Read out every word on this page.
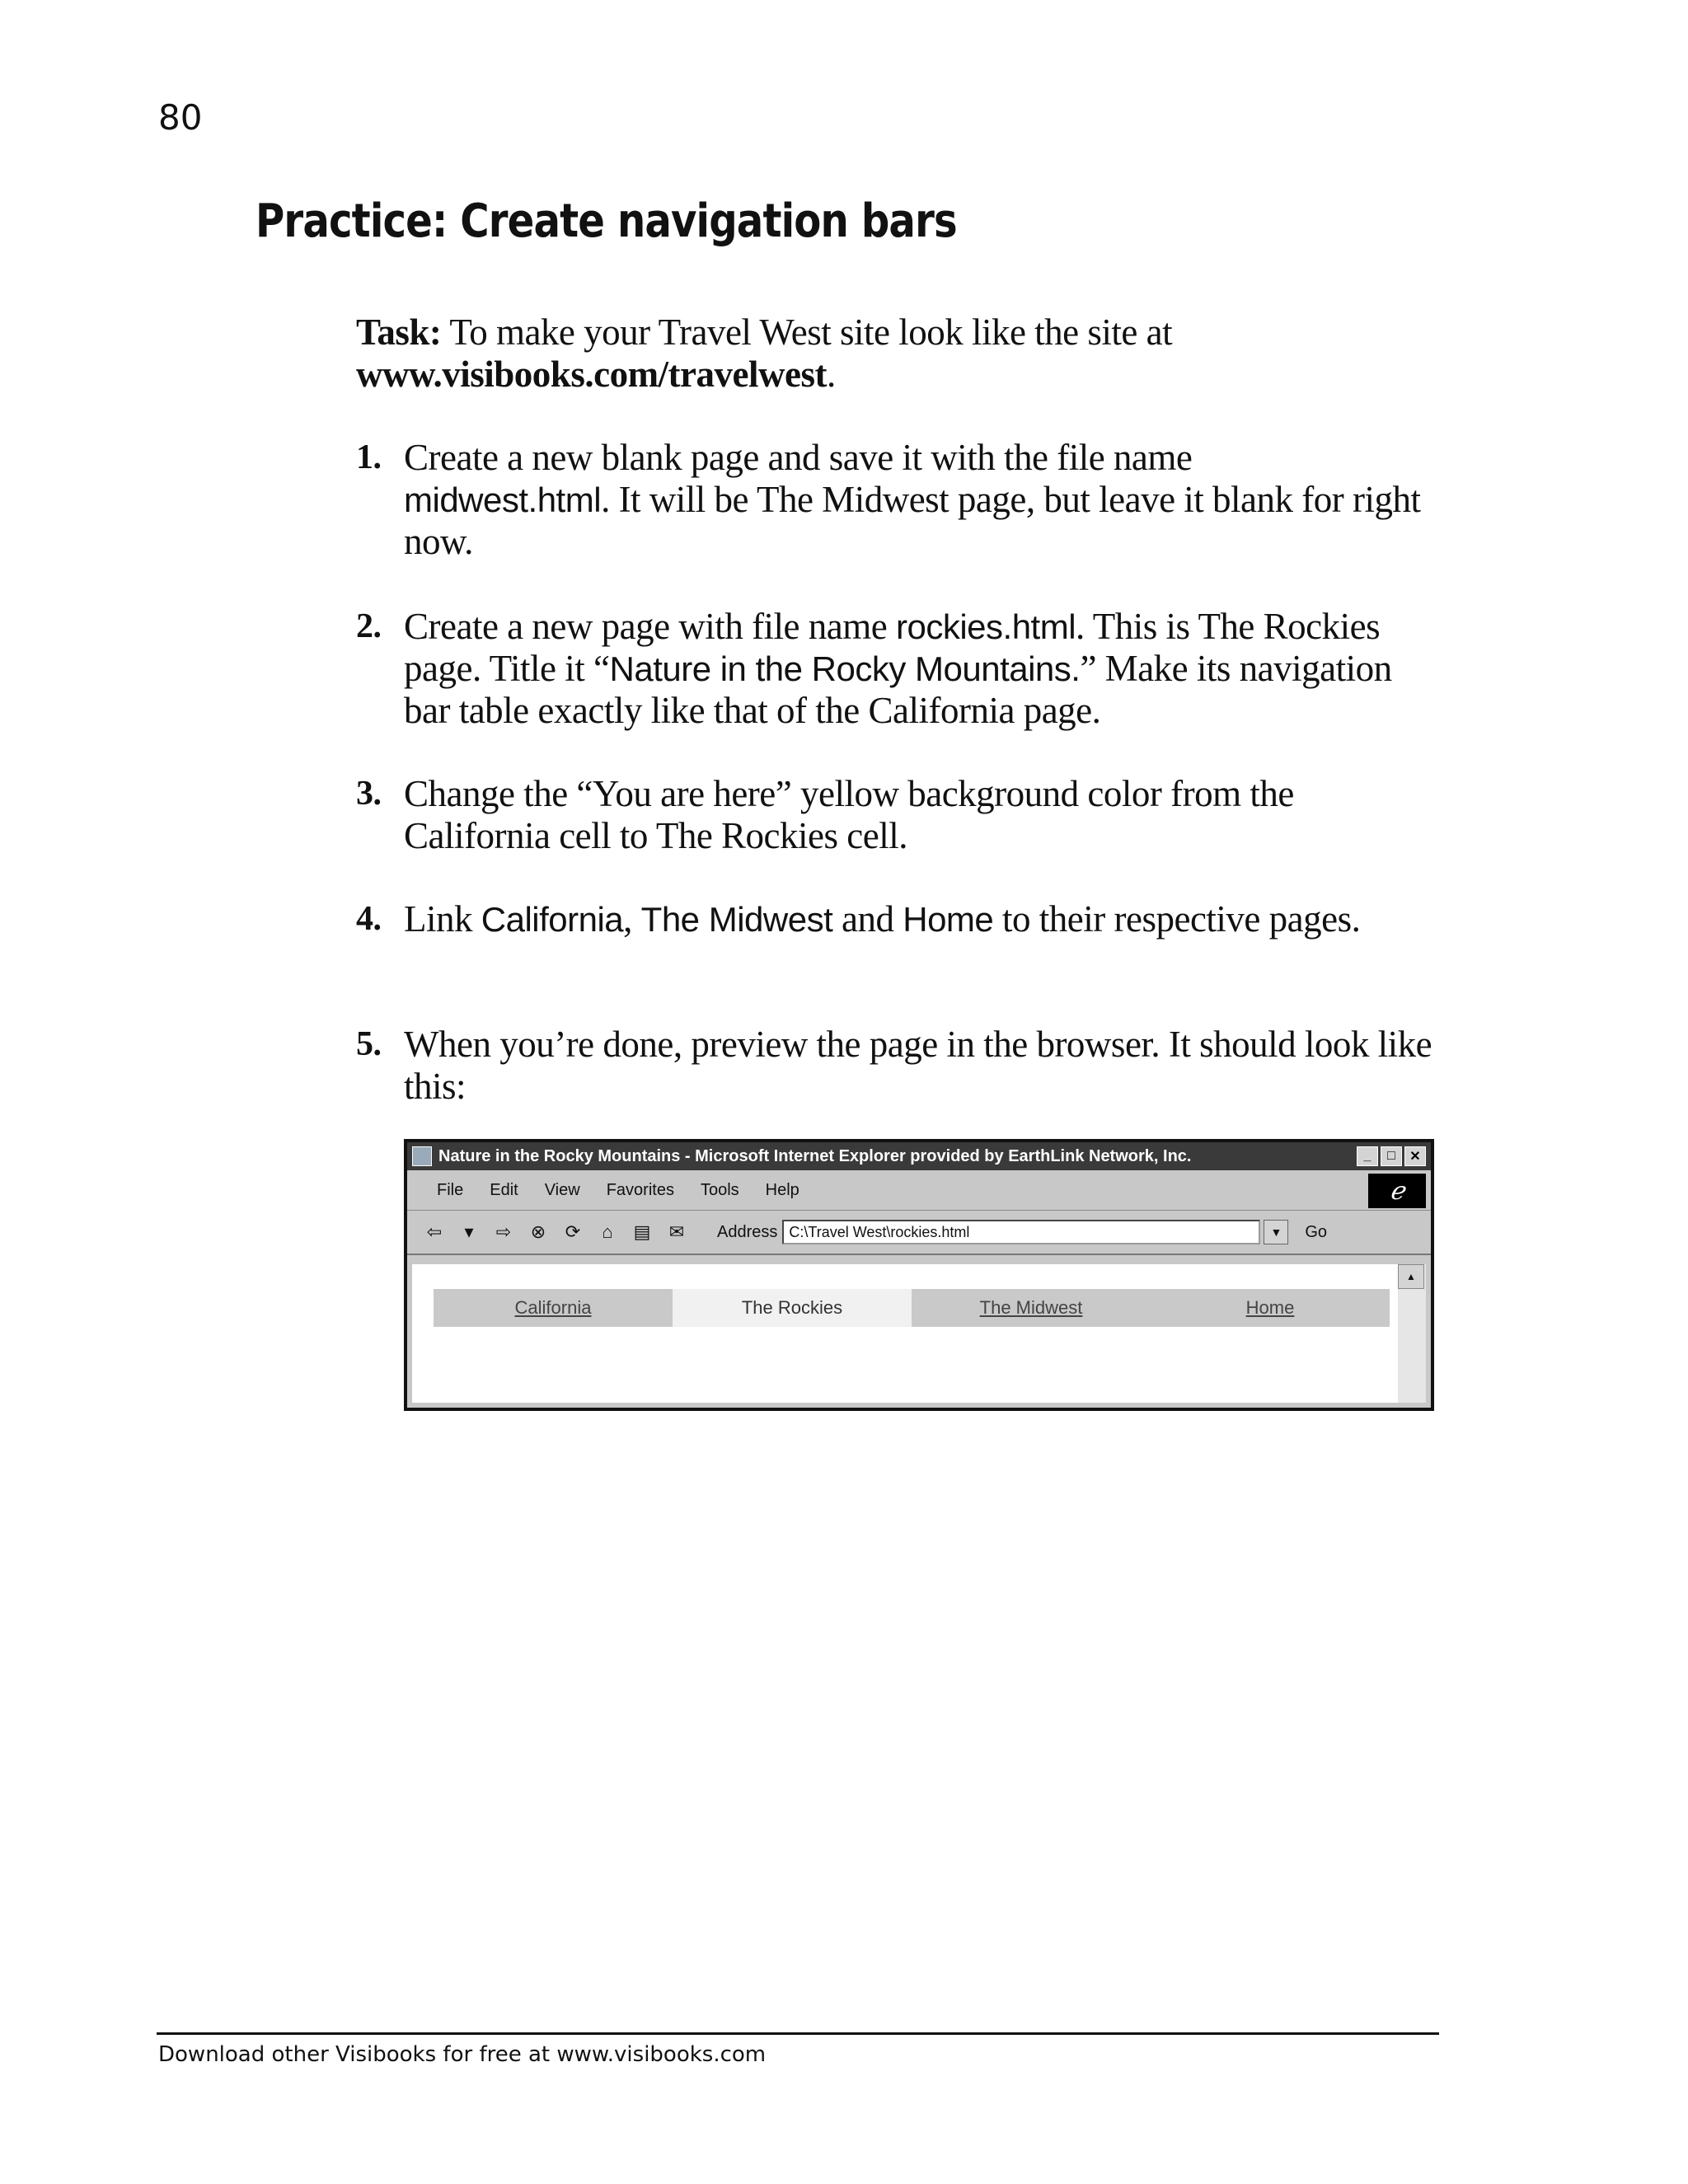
80
Practice: Create navigation bars
Task: To make your Travel West site look like the site at
www.visibooks.com/travelwest.
1. Create a new blank page and save it with the file name
midwest.html. It will be The Midwest page, but leave it blank for right now.
2. Create a new page with file name rockies.html. This is The Rockies page. Title it “Nature in the Rocky Mountains.” Make its navigation bar table exactly like that of the California page.
3. Change the “You are here” yellow background color from the California cell to The Rockies cell.
4. Link California, The Midwest and Home to their respective pages.
5. When you’re done, preview the page in the browser. It should look like this:
Nature in the Rocky Mountains - Microsoft Internet Explorer provided by EarthLink Network, Inc.	_	□	✕
File Edit View Favorites Tools Help	ℯ
⇦	▾	⇨ ⊗ ⟳ ⌂ ▤ ✉ Address C:\Travel West\rockies.html	▼	Go
California	The Rockies	The Midwest	Home
▲
Download other Visibooks for free at www.visibooks.com
